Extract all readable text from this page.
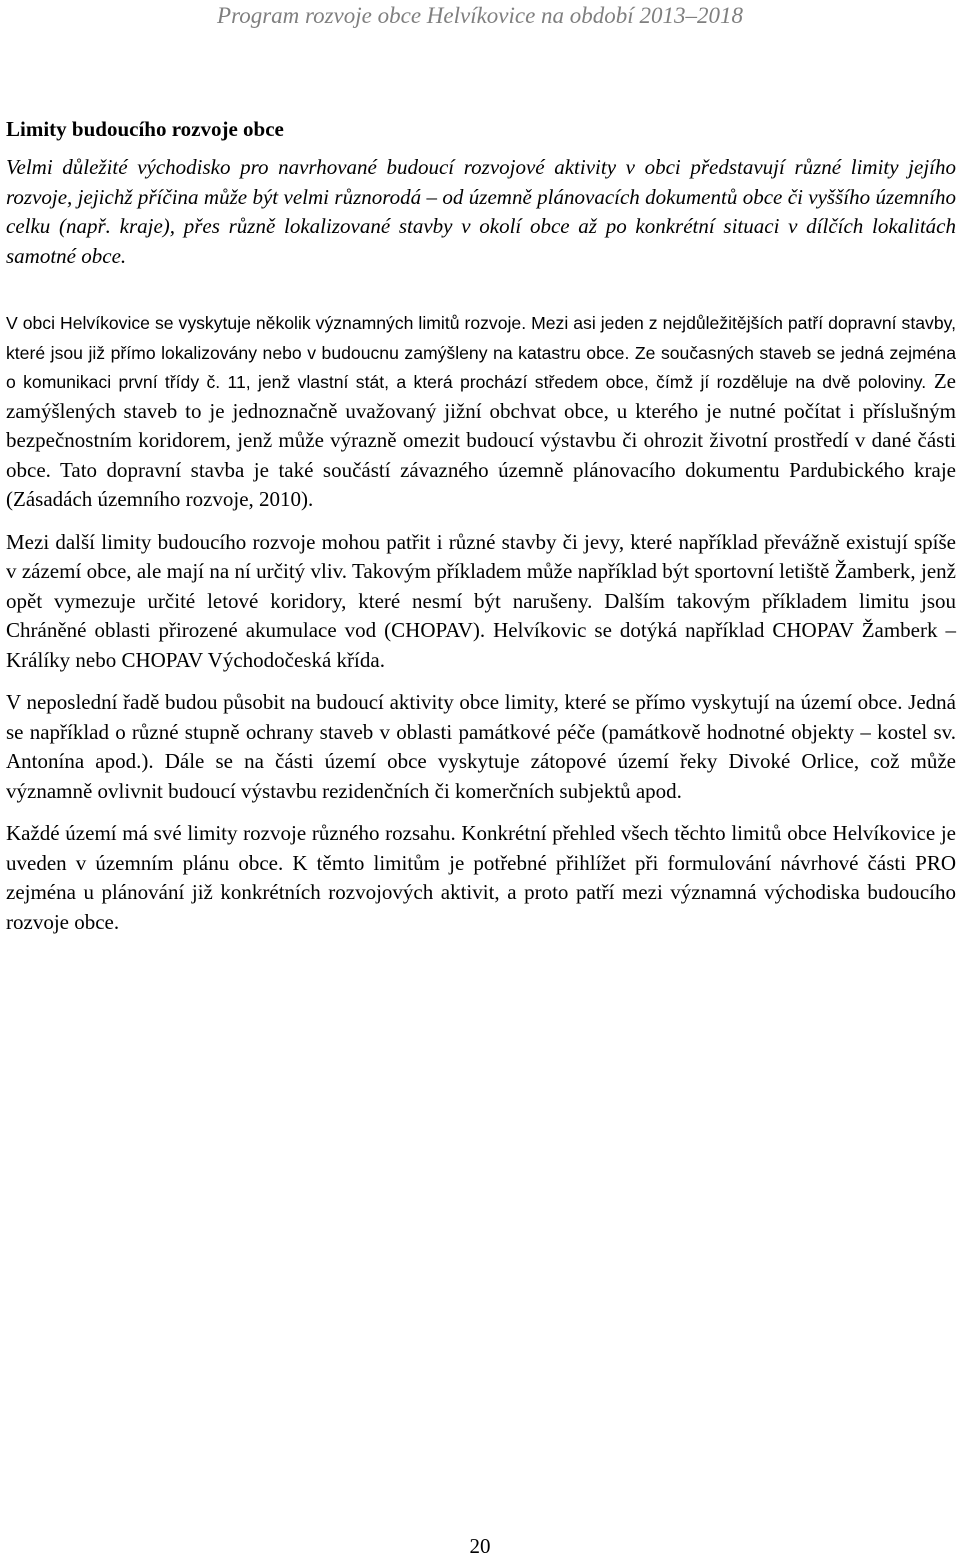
Program rozvoje obce Helvíkovice na období 2013–2018
Limity budoucího rozvoje obce

Velmi důležité východisko pro navrhované budoucí rozvojové aktivity v obci představují různé limity jejího rozvoje, jejichž příčina může být velmi různorodá – od územně plánovacích dokumentů obce či vyššího územního celku (např. kraje), přes různě lokalizované stavby v okolí obce až po konkrétní situaci v dílčích lokalitách samotné obce.

V obci Helvíkovice se vyskytuje několik významných limitů rozvoje. Mezi asi jeden z nejdůležitějších patří dopravní stavby, které jsou již přímo lokalizovány nebo v budoucnu zamýšleny na katastru obce. Ze současných staveb se jedná zejména o komunikaci první třídy č. 11, jenž vlastní stát, a která prochází středem obce, čímž jí rozděluje na dvě poloviny. Ze zamýšlených staveb to je jednoznačně uvažovaný jižní obchvat obce, u kterého je nutné počítat i příslušným bezpečnostním koridorem, jenž může výrazně omezit budoucí výstavbu či ohrozit životní prostředí v dané části obce. Tato dopravní stavba je také součástí závazného územně plánovacího dokumentu Pardubického kraje (Zásadách územního rozvoje, 2010).

Mezi další limity budoucího rozvoje mohou patřit i různé stavby či jevy, které například převážně existují spíše v zázemí obce, ale mají na ní určitý vliv. Takovým příkladem může například být sportovní letiště Žamberk, jenž opět vymezuje určité letové koridory, které nesmí být narušeny. Dalším takovým příkladem limitu jsou Chráněné oblasti přirozené akumulace vod (CHOPAV). Helvíkovic se dotýká například CHOPAV Žamberk – Králíky nebo CHOPAV Východočeská křída.

V neposlední řadě budou působit na budoucí aktivity obce limity, které se přímo vyskytují na území obce. Jedná se například o různé stupně ochrany staveb v oblasti památkové péče (památkově hodnotné objekty – kostel sv. Antonína apod.). Dále se na části území obce vyskytuje zátopové území řeky Divoké Orlice, což může významně ovlivnit budoucí výstavbu rezidenčních či komerčních subjektů apod.

Každé území má své limity rozvoje různého rozsahu. Konkrétní přehled všech těchto limitů obce Helvíkovice je uveden v územním plánu obce. K těmto limitům je potřebné přihlížet při formulování návrhové části PRO zejména u plánování již konkrétních rozvojových aktivit, a proto patří mezi významná východiska budoucího rozvoje obce.

20
